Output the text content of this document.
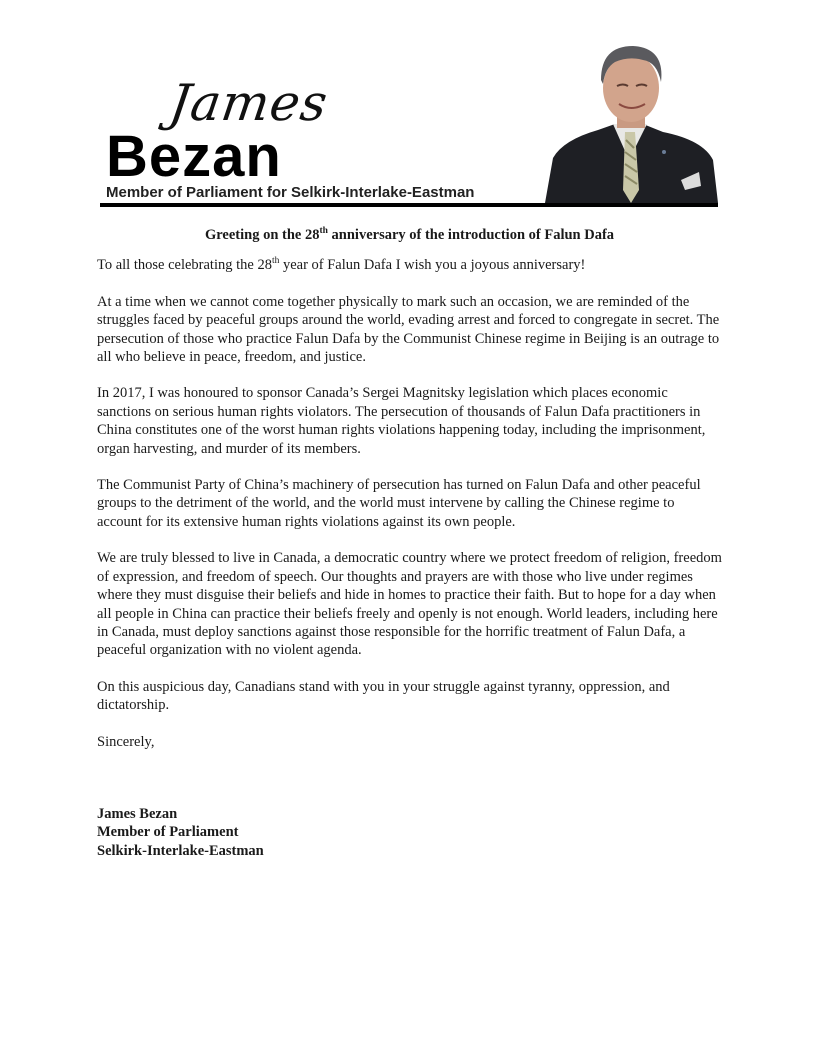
James
Bezan
Member of Parliament for Selkirk-Interlake-Eastman

Greeting on the 28th anniversary of the introduction of Falun Dafa

To all those celebrating the 28th year of Falun Dafa I wish you a joyous anniversary!

At a time when we cannot come together physically to mark such an occasion, we are reminded of the struggles faced by peaceful groups around the world, evading arrest and forced to congregate in secret. The persecution of those who practice Falun Dafa by the Communist Chinese regime in Beijing is an outrage to all who believe in peace, freedom, and justice.

In 2017, I was honoured to sponsor Canada’s Sergei Magnitsky legislation which places economic sanctions on serious human rights violators. The persecution of thousands of Falun Dafa practitioners in China constitutes one of the worst human rights violations happening today, including the imprisonment, organ harvesting, and murder of its members.

The Communist Party of China’s machinery of persecution has turned on Falun Dafa and other peaceful groups to the detriment of the world, and the world must intervene by calling the Chinese regime to account for its extensive human rights violations against its own people.

We are truly blessed to live in Canada, a democratic country where we protect freedom of religion, freedom of expression, and freedom of speech. Our thoughts and prayers are with those who live under regimes where they must disguise their beliefs and hide in homes to practice their faith. But to hope for a day when all people in China can practice their beliefs freely and openly is not enough. World leaders, including here in Canada, must deploy sanctions against those responsible for the horrific treatment of Falun Dafa, a peaceful organization with no violent agenda.

On this auspicious day, Canadians stand with you in your struggle against tyranny, oppression, and dictatorship.

Sincerely,

James Bezan
Member of Parliament
Selkirk-Interlake-Eastman
